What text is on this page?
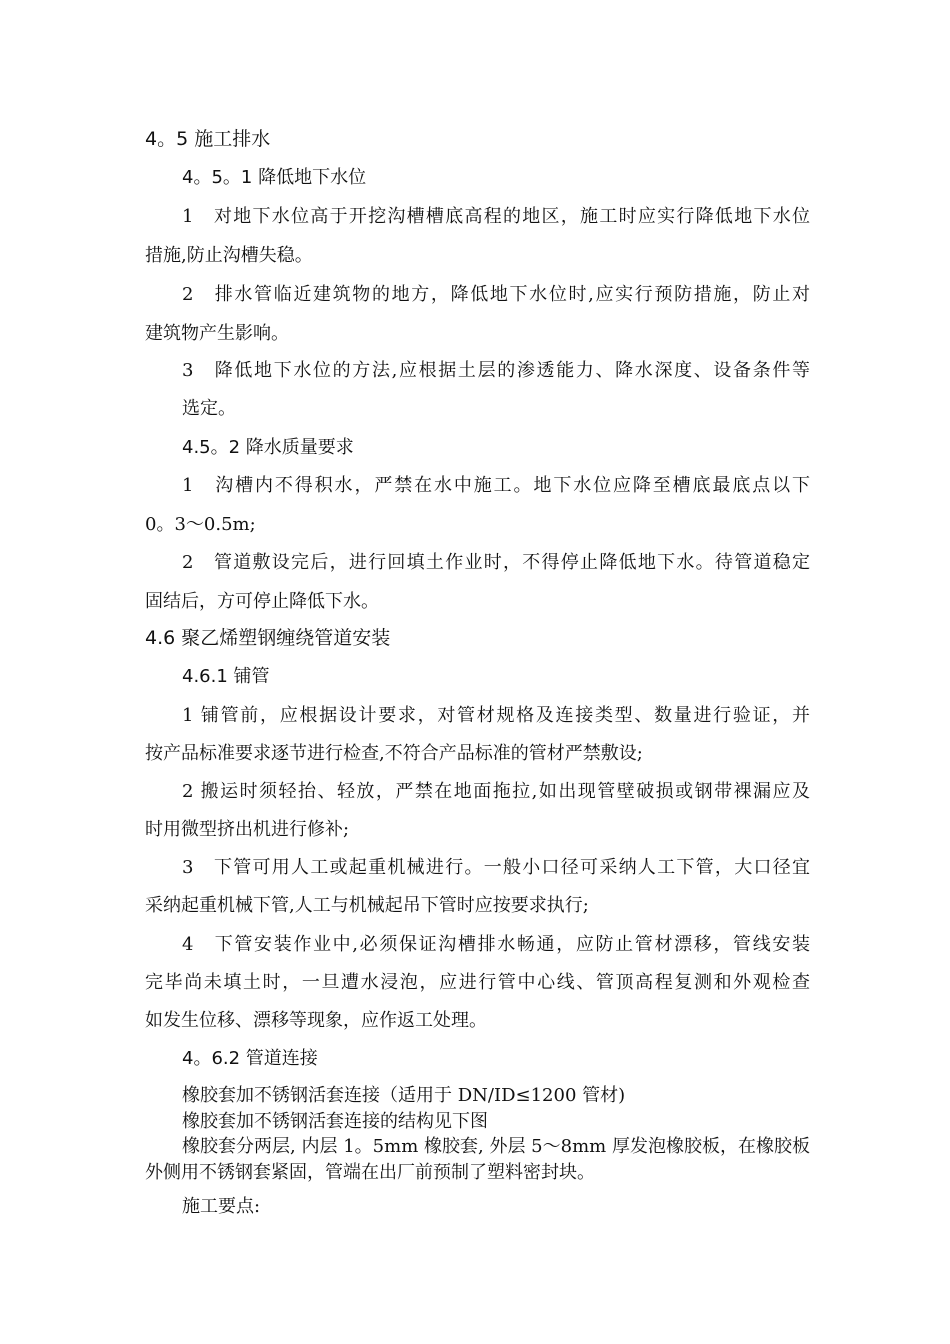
4。5 施工排水
4。5。1 降低地下水位
1　对地下水位高于开挖沟槽槽底高程的地区，施工时应实行降低地下水位
措施,防止沟槽失稳。
2　排水管临近建筑物的地方，降低地下水位时,应实行预防措施，防止对
建筑物产生影响。
3　降低地下水位的方法,应根据土层的渗透能力、降水深度、设备条件等
选定。
4.5。2 降水质量要求
1　沟槽内不得积水，严禁在水中施工。地下水位应降至槽底最底点以下
0。3～0.5m;
2　管道敷设完后，进行回填土作业时，不得停止降低地下水。待管道稳定
固结后，方可停止降低下水。
4.6 聚乙烯塑钢缠绕管道安装
4.6.1 铺管
1 铺管前，应根据设计要求，对管材规格及连接类型、数量进行验证，并
按产品标准要求逐节进行检查,不符合产品标准的管材严禁敷设;
2 搬运时须轻抬、轻放，严禁在地面拖拉,如出现管壁破损或钢带裸漏应及
时用微型挤出机进行修补;
3　下管可用人工或起重机械进行。一般小口径可采纳人工下管，大口径宜
采纳起重机械下管,人工与机械起吊下管时应按要求执行;
4　下管安装作业中,必须保证沟槽排水畅通，应防止管材漂移，管线安装
完毕尚未填土时，一旦遭水浸泡，应进行管中心线、管顶高程复测和外观检查
如发生位移、漂移等现象，应作返工处理。
4。6.2 管道连接
橡胶套加不锈钢活套连接（适用于 DN/ID≤1200 管材)
橡胶套加不锈钢活套连接的结构见下图
橡胶套分两层, 内层 1。5mm 橡胶套, 外层 5～8mm 厚发泡橡胶板，在橡胶板
外侧用不锈钢套紧固，管端在出厂前预制了塑料密封块。
施工要点:
